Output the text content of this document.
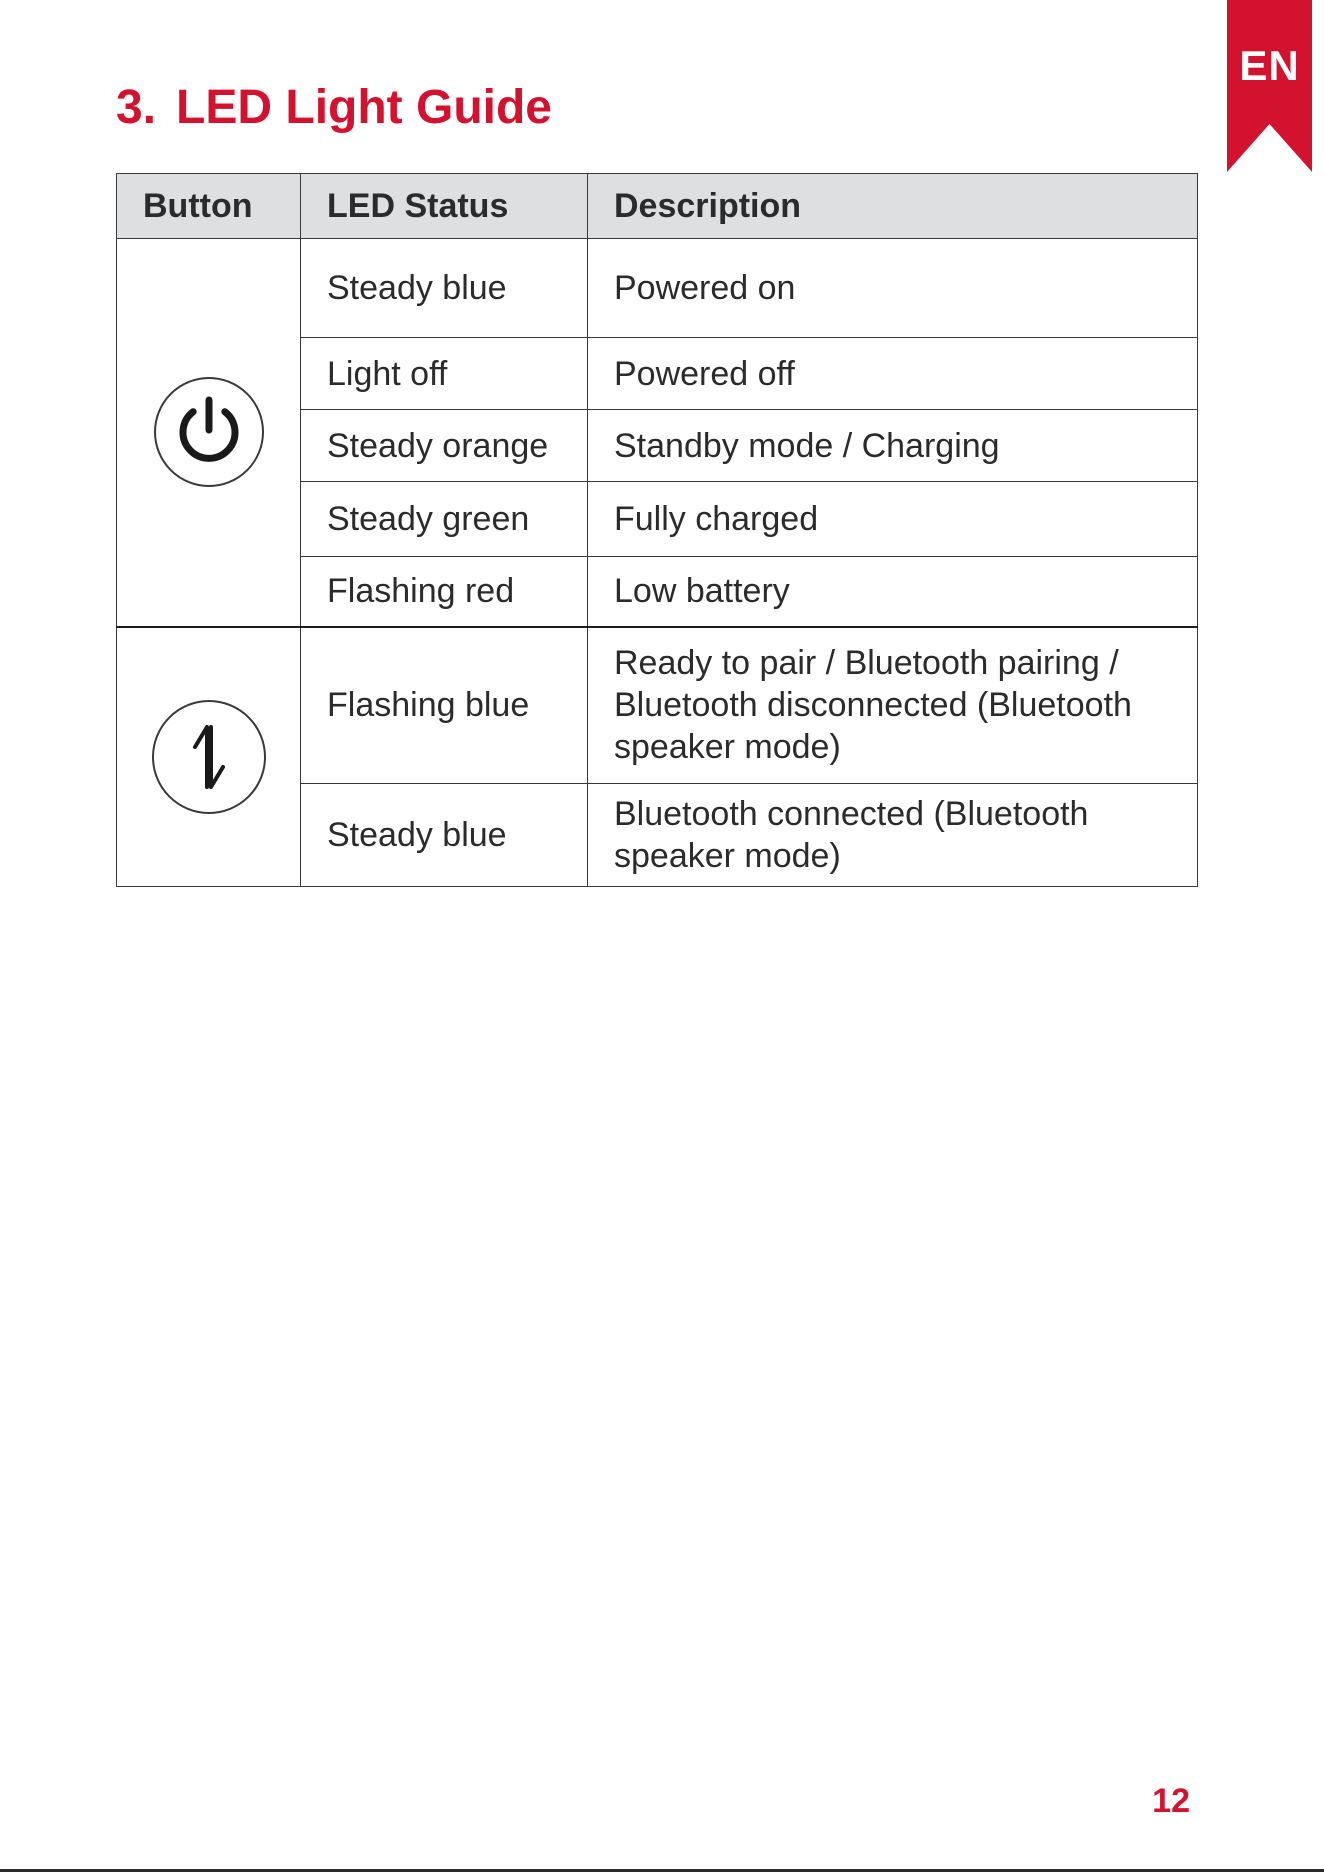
EN
3. LED Light Guide
Button	LED Status	Description
	Steady blue	Powered on
	Light off	Powered off
	Steady orange	Standby mode / Charging
	Steady green	Fully charged
	Flashing red	Low battery
	Flashing blue	Ready to pair / Bluetooth pairing / Bluetooth disconnected (Bluetooth speaker mode)
	Steady blue	Bluetooth connected (Bluetooth speaker mode)
12
